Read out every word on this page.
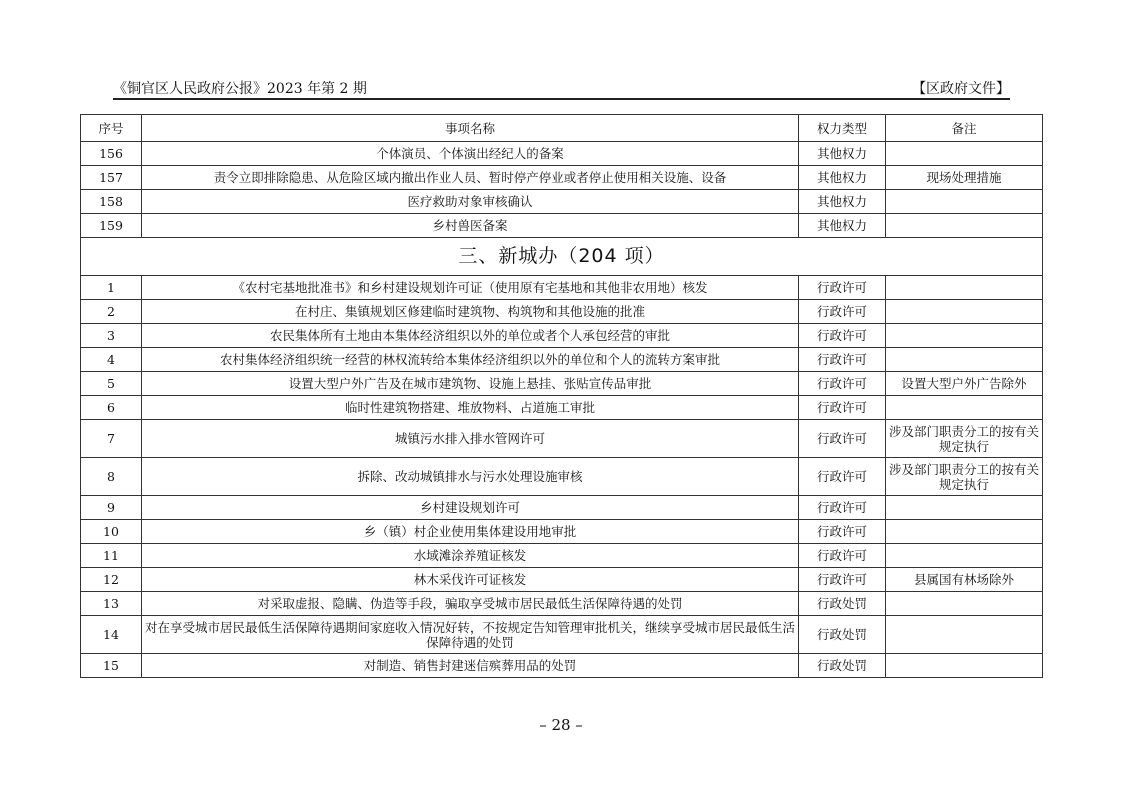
《铜官区人民政府公报》2023 年第 2 期	【区政府文件】
序号	事项名称	权力类型	备注
156	个体演员、个体演出经纪人的备案	其他权力	
157	责令立即排除隐患、从危险区域内撤出作业人员、暂时停产停业或者停止使用相关设施、设备	其他权力	现场处理措施
158	医疗救助对象审核确认	其他权力	
159	乡村兽医备案	其他权力	
三、新城办（204 项）			
1	《农村宅基地批准书》和乡村建设规划许可证（使用原有宅基地和其他非农用地）核发	行政许可	
2	在村庄、集镇规划区修建临时建筑物、构筑物和其他设施的批准	行政许可	
3	农民集体所有土地由本集体经济组织以外的单位或者个人承包经营的审批	行政许可	
4	农村集体经济组织统一经营的林权流转给本集体经济组织以外的单位和个人的流转方案审批	行政许可	
5	设置大型户外广告及在城市建筑物、设施上悬挂、张贴宣传品审批	行政许可	设置大型户外广告除外
6	临时性建筑物搭建、堆放物料、占道施工审批	行政许可	
7	城镇污水排入排水管网许可	行政许可	涉及部门职责分工的按有关规定执行
8	拆除、改动城镇排水与污水处理设施审核	行政许可	涉及部门职责分工的按有关规定执行
9	乡村建设规划许可	行政许可	
10	乡（镇）村企业使用集体建设用地审批	行政许可	
11	水域滩涂养殖证核发	行政许可	
12	林木采伐许可证核发	行政许可	县属国有林场除外
13	对采取虚报、隐瞒、伪造等手段，骗取享受城市居民最低生活保障待遇的处罚	行政处罚	
14	对在享受城市居民最低生活保障待遇期间家庭收入情况好转，不按规定告知管理审批机关，继续享受城市居民最低生活保障待遇的处罚	行政处罚	
15	对制造、销售封建迷信殡葬用品的处罚	行政处罚	
– 28 –
